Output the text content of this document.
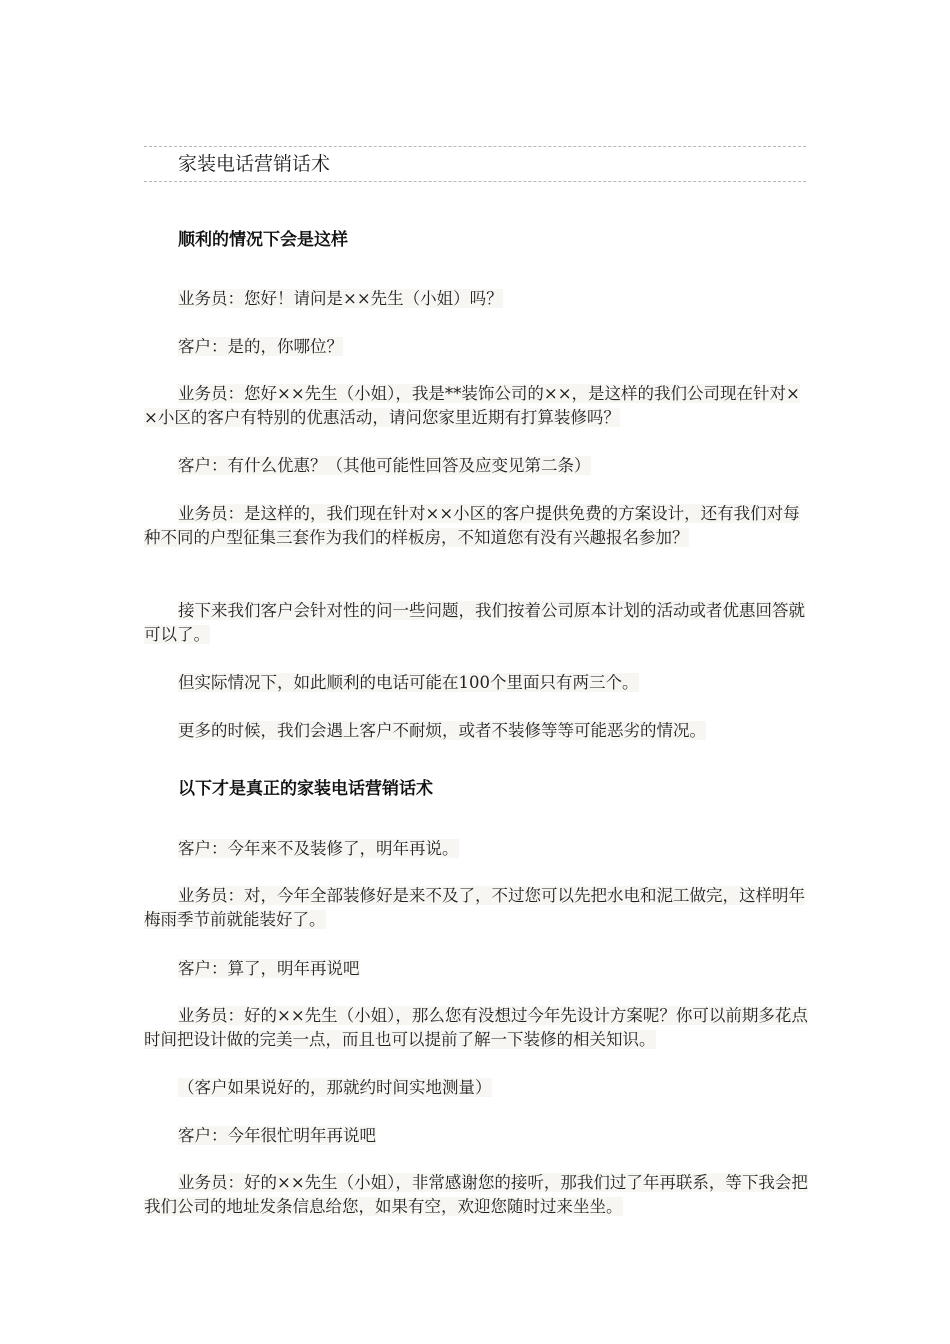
家装电话营销话术
顺利的情况下会是这样

业务员：您好！请问是××先生（小姐）吗？

客户：是的，你哪位？

业务员：您好××先生（小姐），我是**装饰公司的××，是这样的我们公司现在针对××小区的客户有特别的优惠活动，请问您家里近期有打算装修吗？

客户：有什么优惠？（其他可能性回答及应变见第二条）

业务员：是这样的，我们现在针对××小区的客户提供免费的方案设计，还有我们对每种不同的户型征集三套作为我们的样板房，不知道您有没有兴趣报名参加？

接下来我们客户会针对性的问一些问题，我们按着公司原本计划的活动或者优惠回答就可以了。

但实际情况下，如此顺利的电话可能在100个里面只有两三个。

更多的时候，我们会遇上客户不耐烦，或者不装修等等可能恶劣的情况。

以下才是真正的家装电话营销话术

客户：今年来不及装修了，明年再说。

业务员：对，今年全部装修好是来不及了，不过您可以先把水电和泥工做完，这样明年梅雨季节前就能装好了。

客户：算了，明年再说吧

业务员：好的××先生（小姐），那么您有没想过今年先设计方案呢？你可以前期多花点时间把设计做的完美一点，而且也可以提前了解一下装修的相关知识。

（客户如果说好的，那就约时间实地测量）

客户：今年很忙明年再说吧

业务员：好的××先生（小姐），非常感谢您的接听，那我们过了年再联系，等下我会把我们公司的地址发条信息给您，如果有空，欢迎您随时过来坐坐。
